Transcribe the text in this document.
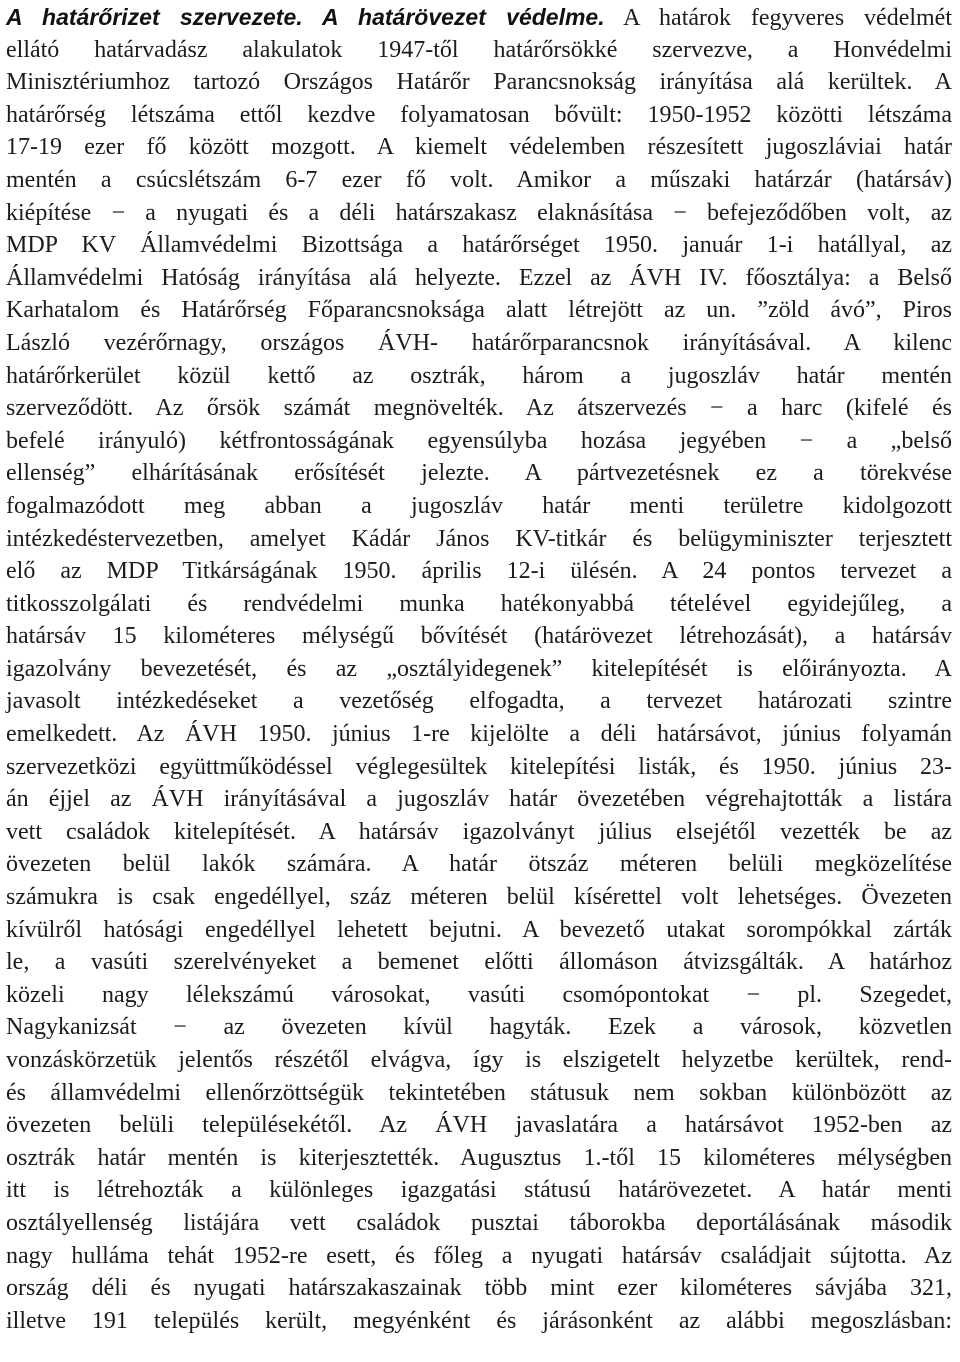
A határőrizet szervezete. A határövezet védelme. A határok fegyveres védelmét
ellátó határvadász alakulatok 1947-től határőrsökké szervezve, a Honvédelmi
Minisztériumhoz tartozó Országos Határőr Parancsnokság irányítása alá kerültek. A
határőrség létszáma ettől kezdve folyamatosan bővült: 1950-1952 közötti létszáma
17-19 ezer fő között mozgott. A kiemelt védelemben részesített jugoszláviai határ
mentén a csúcslétszám 6-7 ezer fő volt. Amikor a műszaki határzár (határsáv)
kiépítése − a nyugati és a déli határszakasz elaknásítása − befejeződőben volt, az
MDP KV Államvédelmi Bizottsága a határőrséget 1950. január 1-i hatállyal, az
Államvédelmi Hatóság irányítása alá helyezte. Ezzel az ÁVH IV. főosztálya: a Belső
Karhatalom és Határőrség Főparancsnoksága alatt létrejött az un. ”zöld ávó”, Piros
László vezérőrnagy, országos ÁVH- határőrparancsnok irányításával. A kilenc
határőrkerület közül kettő az osztrák, három a jugoszláv határ mentén
szerveződött. Az őrsök számát megnövelték. Az átszervezés − a harc (kifelé és
befelé irányuló) kétfrontosságának egyensúlyba hozása jegyében − a „belső
ellenség” elhárításának erősítését jelezte. A pártvezetésnek ez a törekvése
fogalmazódott meg abban a jugoszláv határ menti területre kidolgozott
intézkedéstervezetben, amelyet Kádár János KV-titkár és belügyminiszter terjesztett
elő az MDP Titkárságának 1950. április 12-i ülésén. A 24 pontos tervezet a
titkosszolgálati és rendvédelmi munka hatékonyabbá tételével egyidejűleg, a
határsáv 15 kilométeres mélységű bővítését (határövezet létrehozását), a határsáv
igazolvány bevezetését, és az „osztályidegenek” kitelepítését is előirányozta. A
javasolt intézkedéseket a vezetőség elfogadta, a tervezet határozati szintre
emelkedett. Az ÁVH 1950. június 1-re kijelölte a déli határsávot, június folyamán
szervezetközi együttműködéssel véglegesültek kitelepítési listák, és 1950. június 23-
án éjjel az ÁVH irányításával a jugoszláv határ övezetében végrehajtották a listára
vett családok kitelepítését. A határsáv igazolványt július elsejétől vezették be az
övezeten belül lakók számára. A határ ötszáz méteren belüli megközelítése
számukra is csak engedéllyel, száz méteren belül kísérettel volt lehetséges. Övezeten
kívülről hatósági engedéllyel lehetett bejutni. A bevezető utakat sorompókkal zárták
le, a vasúti szerelvényeket a bemenet előtti állomáson átvizsgálták. A határhoz
közeli nagy lélekszámú városokat, vasúti csomópontokat − pl. Szegedet,
Nagykanizsát − az övezeten kívül hagyták. Ezek a városok, közvetlen
vonzáskörzetük jelentős részétől elvágva, így is elszigetelt helyzetbe kerültek, rend-
és államvédelmi ellenőrzöttségük tekintetében státusuk nem sokban különbözött az
övezeten belüli településekétől. Az ÁVH javaslatára a határsávot 1952-ben az
osztrák határ mentén is kiterjesztették. Augusztus 1.-től 15 kilométeres mélységben
itt is létrehozták a különleges igazgatási státusú határövezetet. A határ menti
osztályellenség listájára vett családok pusztai táborokba deportálásának második
nagy hulláma tehát 1952-re esett, és főleg a nyugati határsáv családjait sújtotta. Az
ország déli és nyugati határszakaszainak több mint ezer kilométeres sávjába 321,
illetve 191 település került, megyénként és járásonként az alábbi megoszlásban:
